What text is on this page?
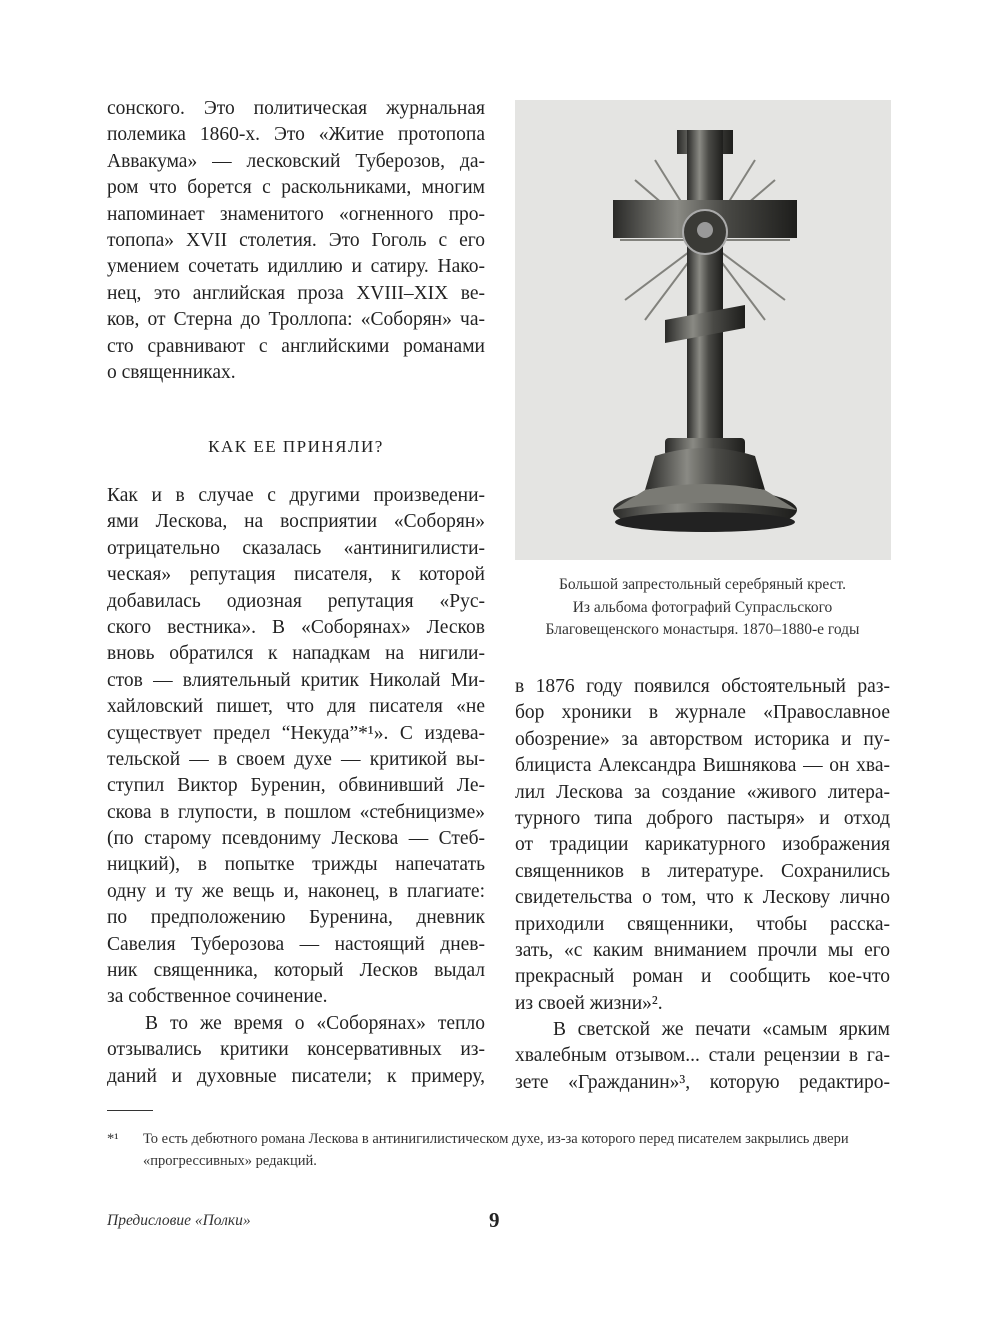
сонского. Это политическая журнальная
полемика 1860-х. Это «Житие протопопа
Аввакума» — лесковский Туберозов, да-
ром что борется с раскольниками, многим
напоминает знаменитого «огненного про-
топопа» XVII столетия. Это Гоголь с его
умением сочетать идиллию и сатиру. Нако-
нец, это английская проза XVIII–XIX ве-
ков, от Стерна до Троллопа: «Соборян» ча-
сто сравнивают с английскими романами
о священниках.
КАК ЕЕ ПРИНЯЛИ?
Как и в случае с другими произведени-
ями Лескова, на восприятии «Соборян»
отрицательно сказалась «антинигилисти-
ческая» репутация писателя, к которой
добавилась одиозная репутация «Рус-
ского вестника». В «Соборянах» Лесков
вновь обратился к нападкам на нигили-
стов — влиятельный критик Николай Ми-
хайловский пишет, что для писателя «не
существует предел “Некуда”*¹». С издева-
тельской — в своем духе — критикой вы-
ступил Виктор Буренин, обвинивший Ле-
скова в глупости, в пошлом «стебницизме»
(по старому псевдониму Лескова — Стеб-
ницкий), в попытке трижды напечатать
одну и ту же вещь и, наконец, в плагиате:
по предположению Буренина, дневник
Савелия Туберозова — настоящий днев-
ник священника, который Лесков выдал
за собственное сочинение.
В то же время о «Соборянах» тепло
отзывались критики консервативных из-
даний и духовные писатели; к примеру,
Большой запрестольный серебряный крест.
Из альбома фотографий Супрасльского
Благовещенского монастыря. 1870–1880-е годы
в 1876 году появился обстоятельный раз-
бор хроники в журнале «Православное
обозрение» за авторством историка и пу-
блициста Александра Вишнякова — он хва-
лил Лескова за создание «живого литера-
турного типа доброго пастыря» и отход
от традиции карикатурного изображения
священников в литературе. Сохранились
свидетельства о том, что к Лескову лично
приходили священники, чтобы расска-
зать, «с каким вниманием прочли мы его
прекрасный роман и сообщить кое-что
из своей жизни»².
В светской же печати «самым ярким
хвалебным отзывом... стали рецензии в га-
зете «Гражданин»³, которую редактиро-
*¹ То есть дебютного романа Лескова в антинигилистическом духе, из-за которого перед писателем закрылись двери «прогрессивных» редакций.
Предисловие «Полки»	9
